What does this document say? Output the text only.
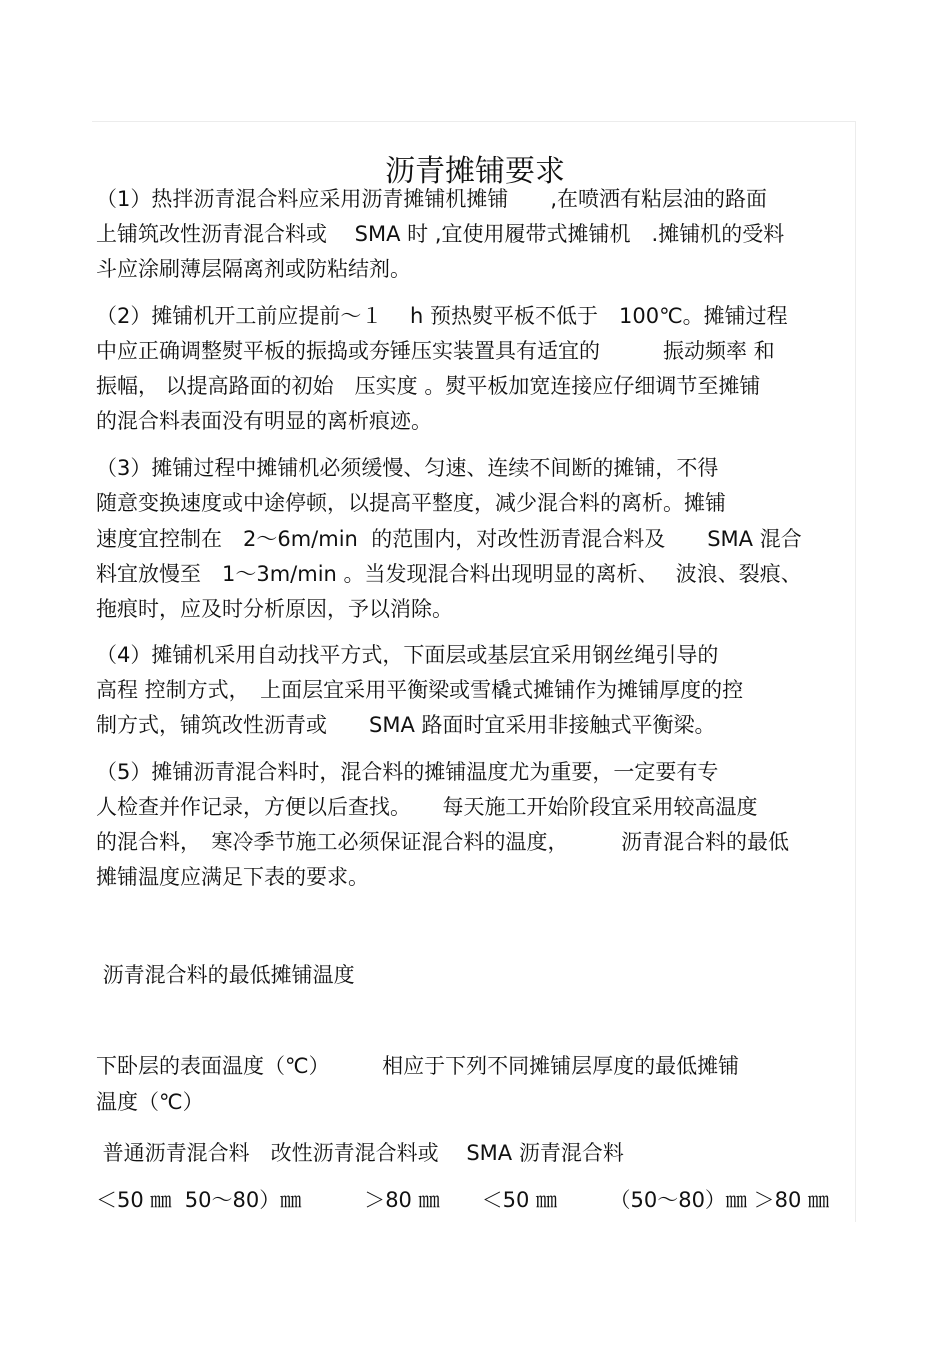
沥青摊铺要求
（1）热拌沥青混合料应采用沥青摊铺机摊铺　　,在喷洒有粘层油的路面
上铺筑改性沥青混合料或　 SMA 时 ,宜使用履带式摊铺机　.摊铺机的受料
斗应涂刷薄层隔离剂或防粘结剂。
（2）摊铺机开工前应提前～１　 h 预热熨平板不低于　100℃。摊铺过程
中应正确调整熨平板的振捣或夯锤压实装置具有适宜的　　　振动频率 和
振幅， 以提高路面的初始　压实度 。熨平板加宽连接应仔细调节至摊铺
的混合料表面没有明显的离析痕迹。
（3）摊铺过程中摊铺机必须缓慢、匀速、连续不间断的摊铺，不得
随意变换速度或中途停顿，以提高平整度，减少混合料的离析。摊铺
速度宜控制在　2～6m/min  的范围内，对改性沥青混合料及　　SMA 混合
料宜放慢至　1～3m/min 。当发现混合料出现明显的离析、　 波浪、裂痕、
拖痕时，应及时分析原因，予以消除。
（4）摊铺机采用自动找平方式，下面层或基层宜采用钢丝绳引导的
高程 控制方式，　上面层宜采用平衡梁或雪橇式摊铺作为摊铺厚度的控
制方式，铺筑改性沥青或　　SMA 路面时宜采用非接触式平衡梁。
（5）摊铺沥青混合料时，混合料的摊铺温度尤为重要，一定要有专
人检查并作记录，方便以后查找。　　每天施工开始阶段宜采用较高温度
的混合料，　寒冷季节施工必须保证混合料的温度，　　　沥青混合料的最低
摊铺温度应满足下表的要求。
沥青混合料的最低摊铺温度
下卧层的表面温度（℃）　　　相应于下列不同摊铺层厚度的最低摊铺
温度（℃）
普通沥青混合料　改性沥青混合料或　 SMA 沥青混合料
＜50 ㎜  50～80）㎜　　　＞80 ㎜　　＜50 ㎜　　　（50～80）㎜ ＞80 ㎜
